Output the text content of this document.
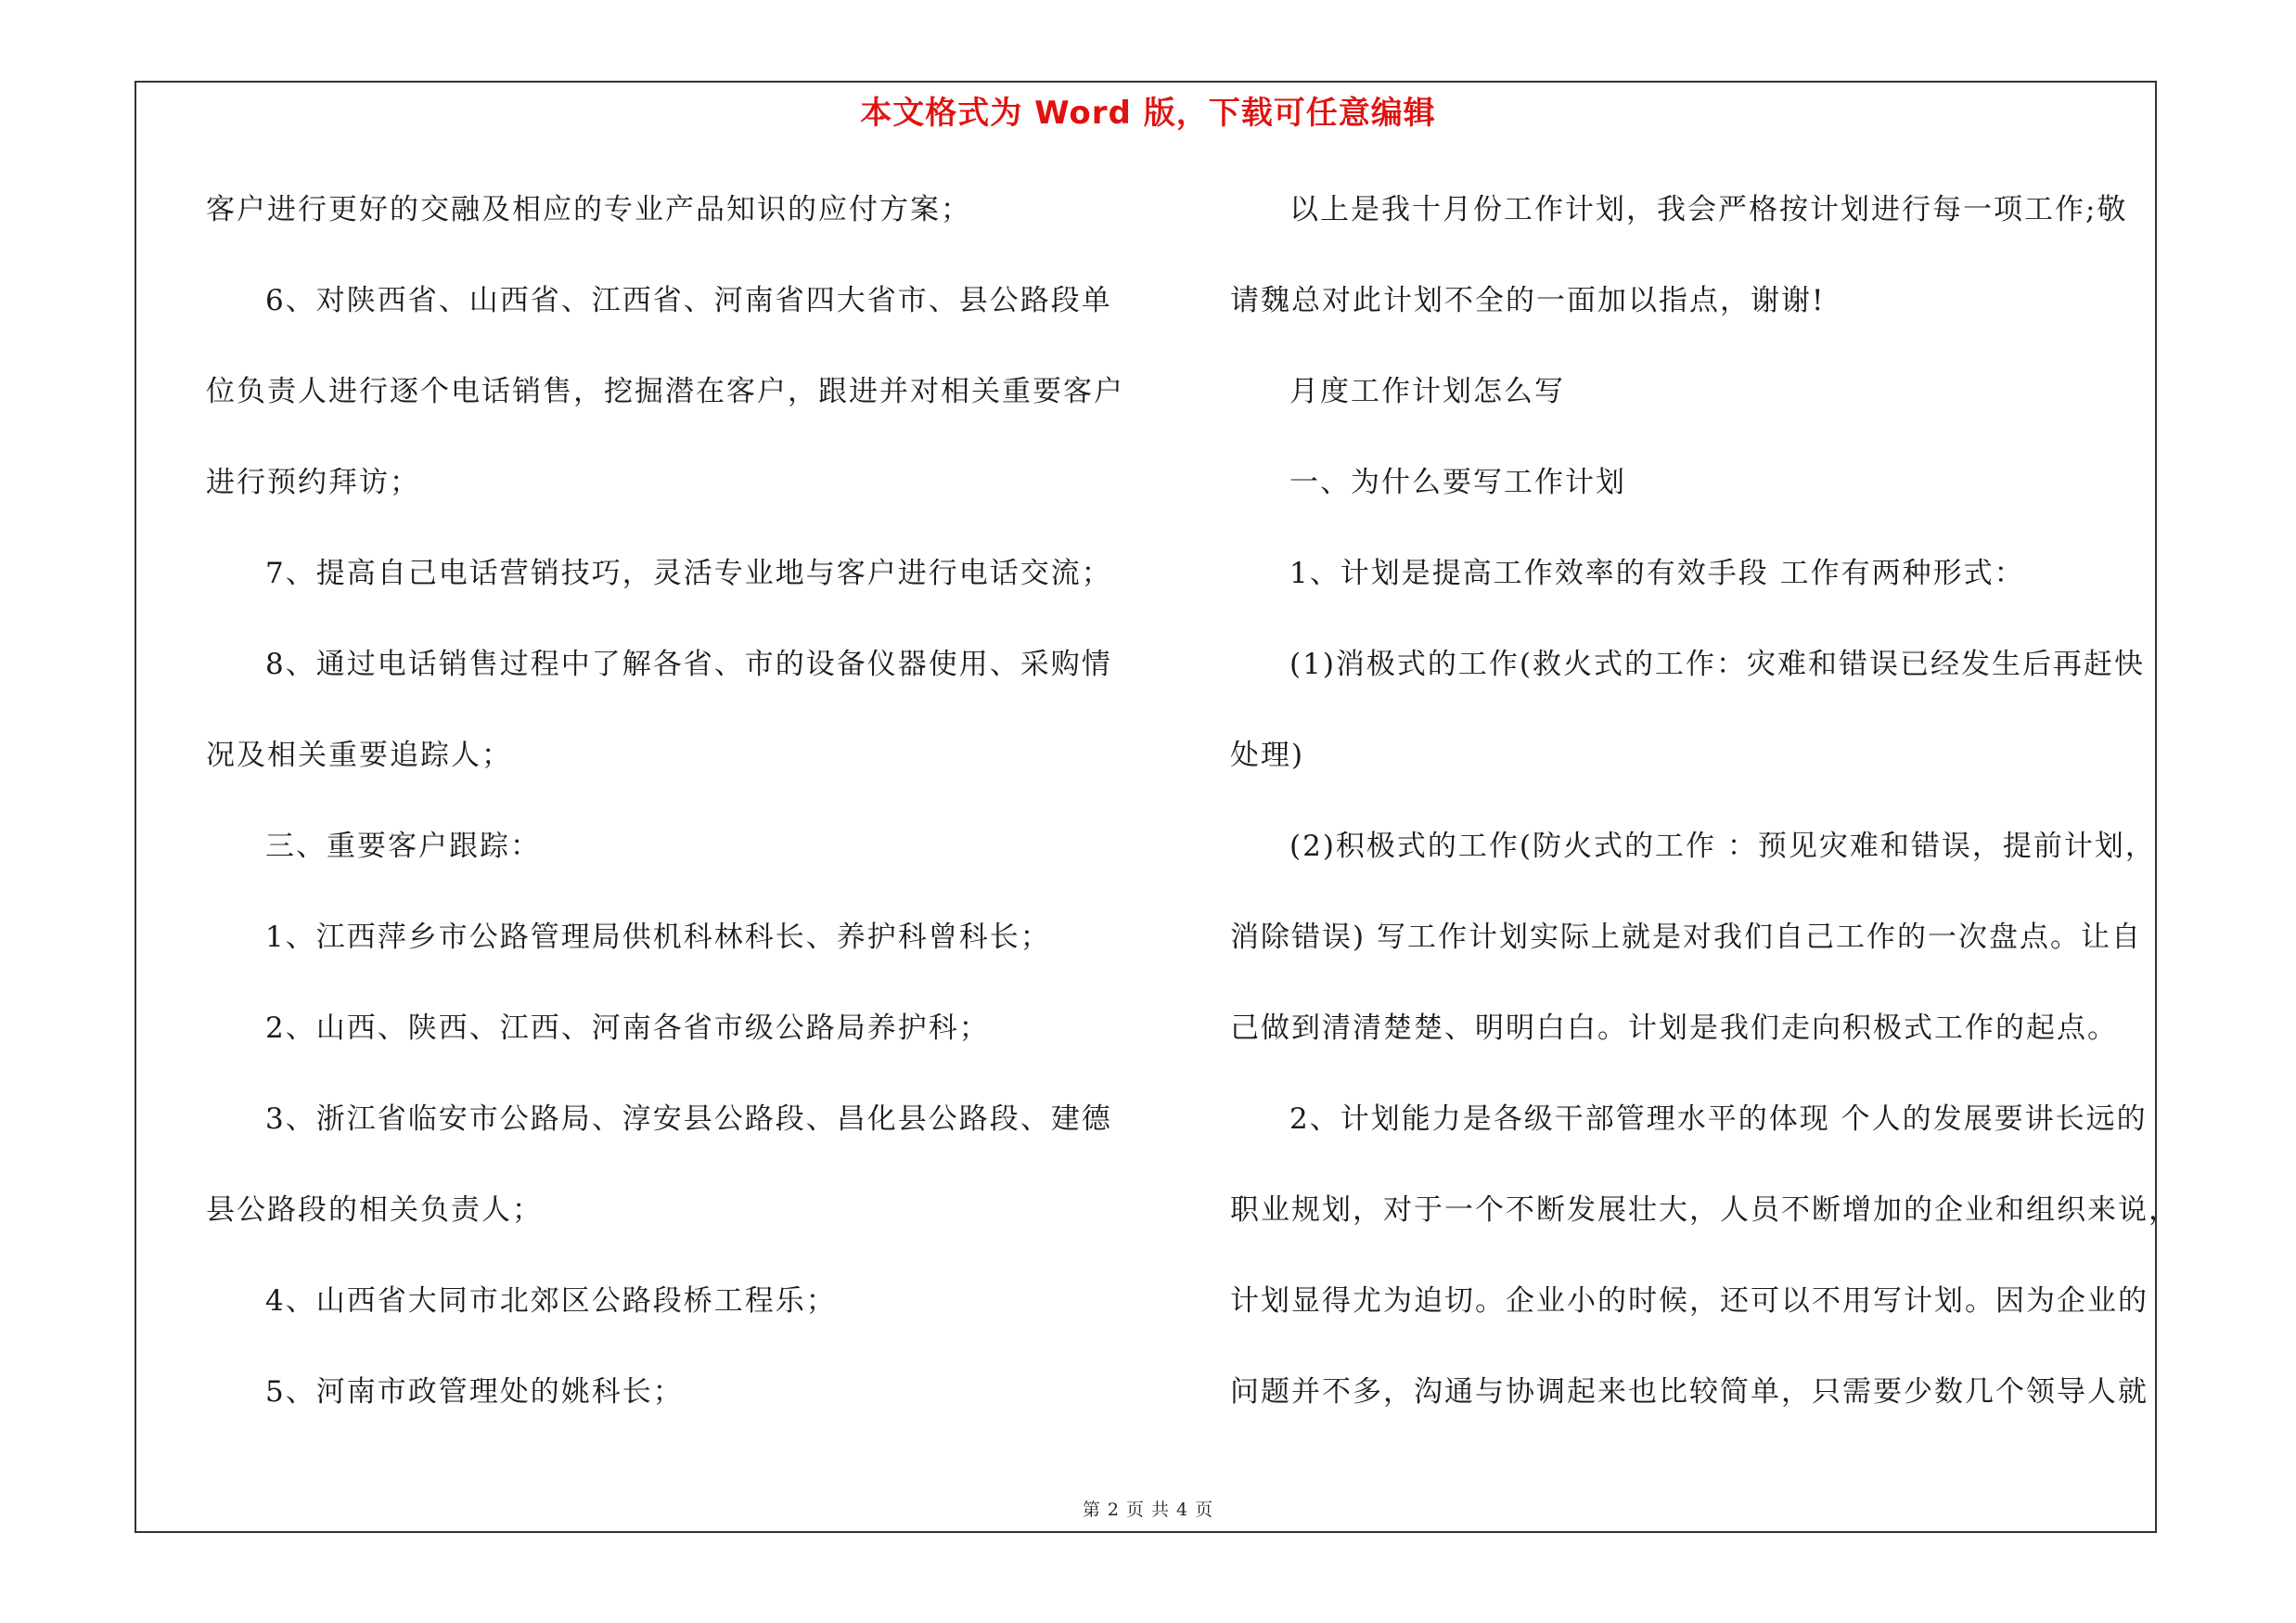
本文格式为 Word 版，下载可任意编辑
客户进行更好的交融及相应的专业产品知识的应付方案；
6、对陕西省、山西省、江西省、河南省四大省市、县公路段单
位负责人进行逐个电话销售，挖掘潜在客户，跟进并对相关重要客户
进行预约拜访；
7、提高自己电话营销技巧，灵活专业地与客户进行电话交流；
8、通过电话销售过程中了解各省、市的设备仪器使用、采购情
况及相关重要追踪人；
三、重要客户跟踪：
1、江西萍乡市公路管理局供机科林科长、养护科曾科长；
2、山西、陕西、江西、河南各省市级公路局养护科；
3、浙江省临安市公路局、淳安县公路段、昌化县公路段、建德
县公路段的相关负责人；
4、山西省大同市北郊区公路段桥工程乐；
5、河南市政管理处的姚科长；
以上是我十月份工作计划，我会严格按计划进行每一项工作;敬
请魏总对此计划不全的一面加以指点，谢谢!
月度工作计划怎么写
一、为什么要写工作计划
1、计划是提高工作效率的有效手段 工作有两种形式：
(1)消极式的工作(救火式的工作：灾难和错误已经发生后再赶快
处理)
(2)积极式的工作(防火式的工作 ：预见灾难和错误，提前计划，
消除错误) 写工作计划实际上就是对我们自己工作的一次盘点。让自
己做到清清楚楚、明明白白。计划是我们走向积极式工作的起点。
2、计划能力是各级干部管理水平的体现 个人的发展要讲长远的
职业规划，对于一个不断发展壮大，人员不断增加的企业和组织来说，
计划显得尤为迫切。企业小的时候，还可以不用写计划。因为企业的
问题并不多，沟通与协调起来也比较简单，只需要少数几个领导人就
第 2 页 共 4 页
